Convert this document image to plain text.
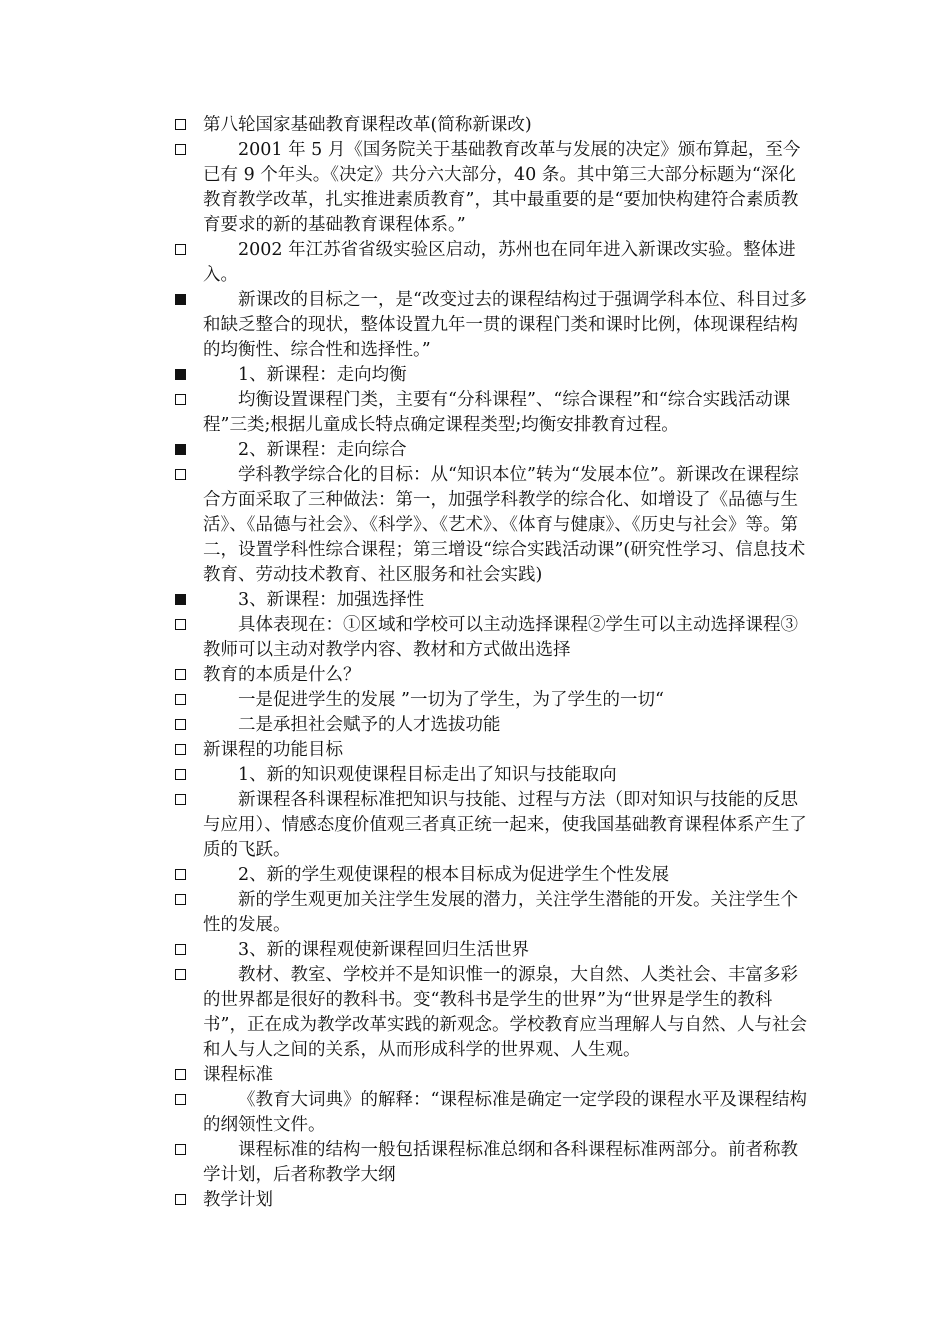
第八轮国家基础教育课程改革(简称新课改)
2001 年 5 月《国务院关于基础教育改革与发展的决定》颁布算起，至今已有 9 个年头。《决定》共分六大部分，40 条。其中第三大部分标题为“深化教育教学改革，扎实推进素质教育”，其中最重要的是“要加快构建符合素质教育要求的新的基础教育课程体系。”
2002 年江苏省省级实验区启动，苏州也在同年进入新课改实验。整体进入。
新课改的目标之一，是“改变过去的课程结构过于强调学科本位、科目过多和缺乏整合的现状，整体设置九年一贯的课程门类和课时比例，体现课程结构的均衡性、综合性和选择性。”
1、新课程：走向均衡
均衡设置课程门类，主要有“分科课程”、“综合课程”和“综合实践活动课程”三类;根据儿童成长特点确定课程类型;均衡安排教育过程。
2、新课程：走向综合
学科教学综合化的目标：从“知识本位”转为“发展本位”。新课改在课程综合方面采取了三种做法：第一，加强学科教学的综合化、如增设了《品德与生活》、《品德与社会》、《科学》、《艺术》、《体育与健康》、《历史与社会》等。第二，设置学科性综合课程；第三增设“综合实践活动课”(研究性学习、信息技术教育、劳动技术教育、社区服务和社会实践)
3、新课程：加强选择性
具体表现在：①区域和学校可以主动选择课程②学生可以主动选择课程③教师可以主动对教学内容、教材和方式做出选择
教育的本质是什么？
一是促进学生的发展 ”一切为了学生，为了学生的一切“
二是承担社会赋予的人才选拔功能
新课程的功能目标
1、新的知识观使课程目标走出了知识与技能取向
新课程各科课程标准把知识与技能、过程与方法（即对知识与技能的反思与应用）、情感态度价值观三者真正统一起来，使我国基础教育课程体系产生了质的飞跃。
2、新的学生观使课程的根本目标成为促进学生个性发展
新的学生观更加关注学生发展的潜力，关注学生潜能的开发。关注学生个性的发展。
3、新的课程观使新课程回归生活世界
教材、教室、学校并不是知识惟一的源泉，大自然、人类社会、丰富多彩的世界都是很好的教科书。变“教科书是学生的世界”为“世界是学生的教科书”，正在成为教学改革实践的新观念。学校教育应当理解人与自然、人与社会和人与人之间的关系，从而形成科学的世界观、人生观。
课程标准
《教育大词典》的解释：“课程标准是确定一定学段的课程水平及课程结构的纲领性文件。
课程标准的结构一般包括课程标准总纲和各科课程标准两部分。前者称教学计划，后者称教学大纲
教学计划
